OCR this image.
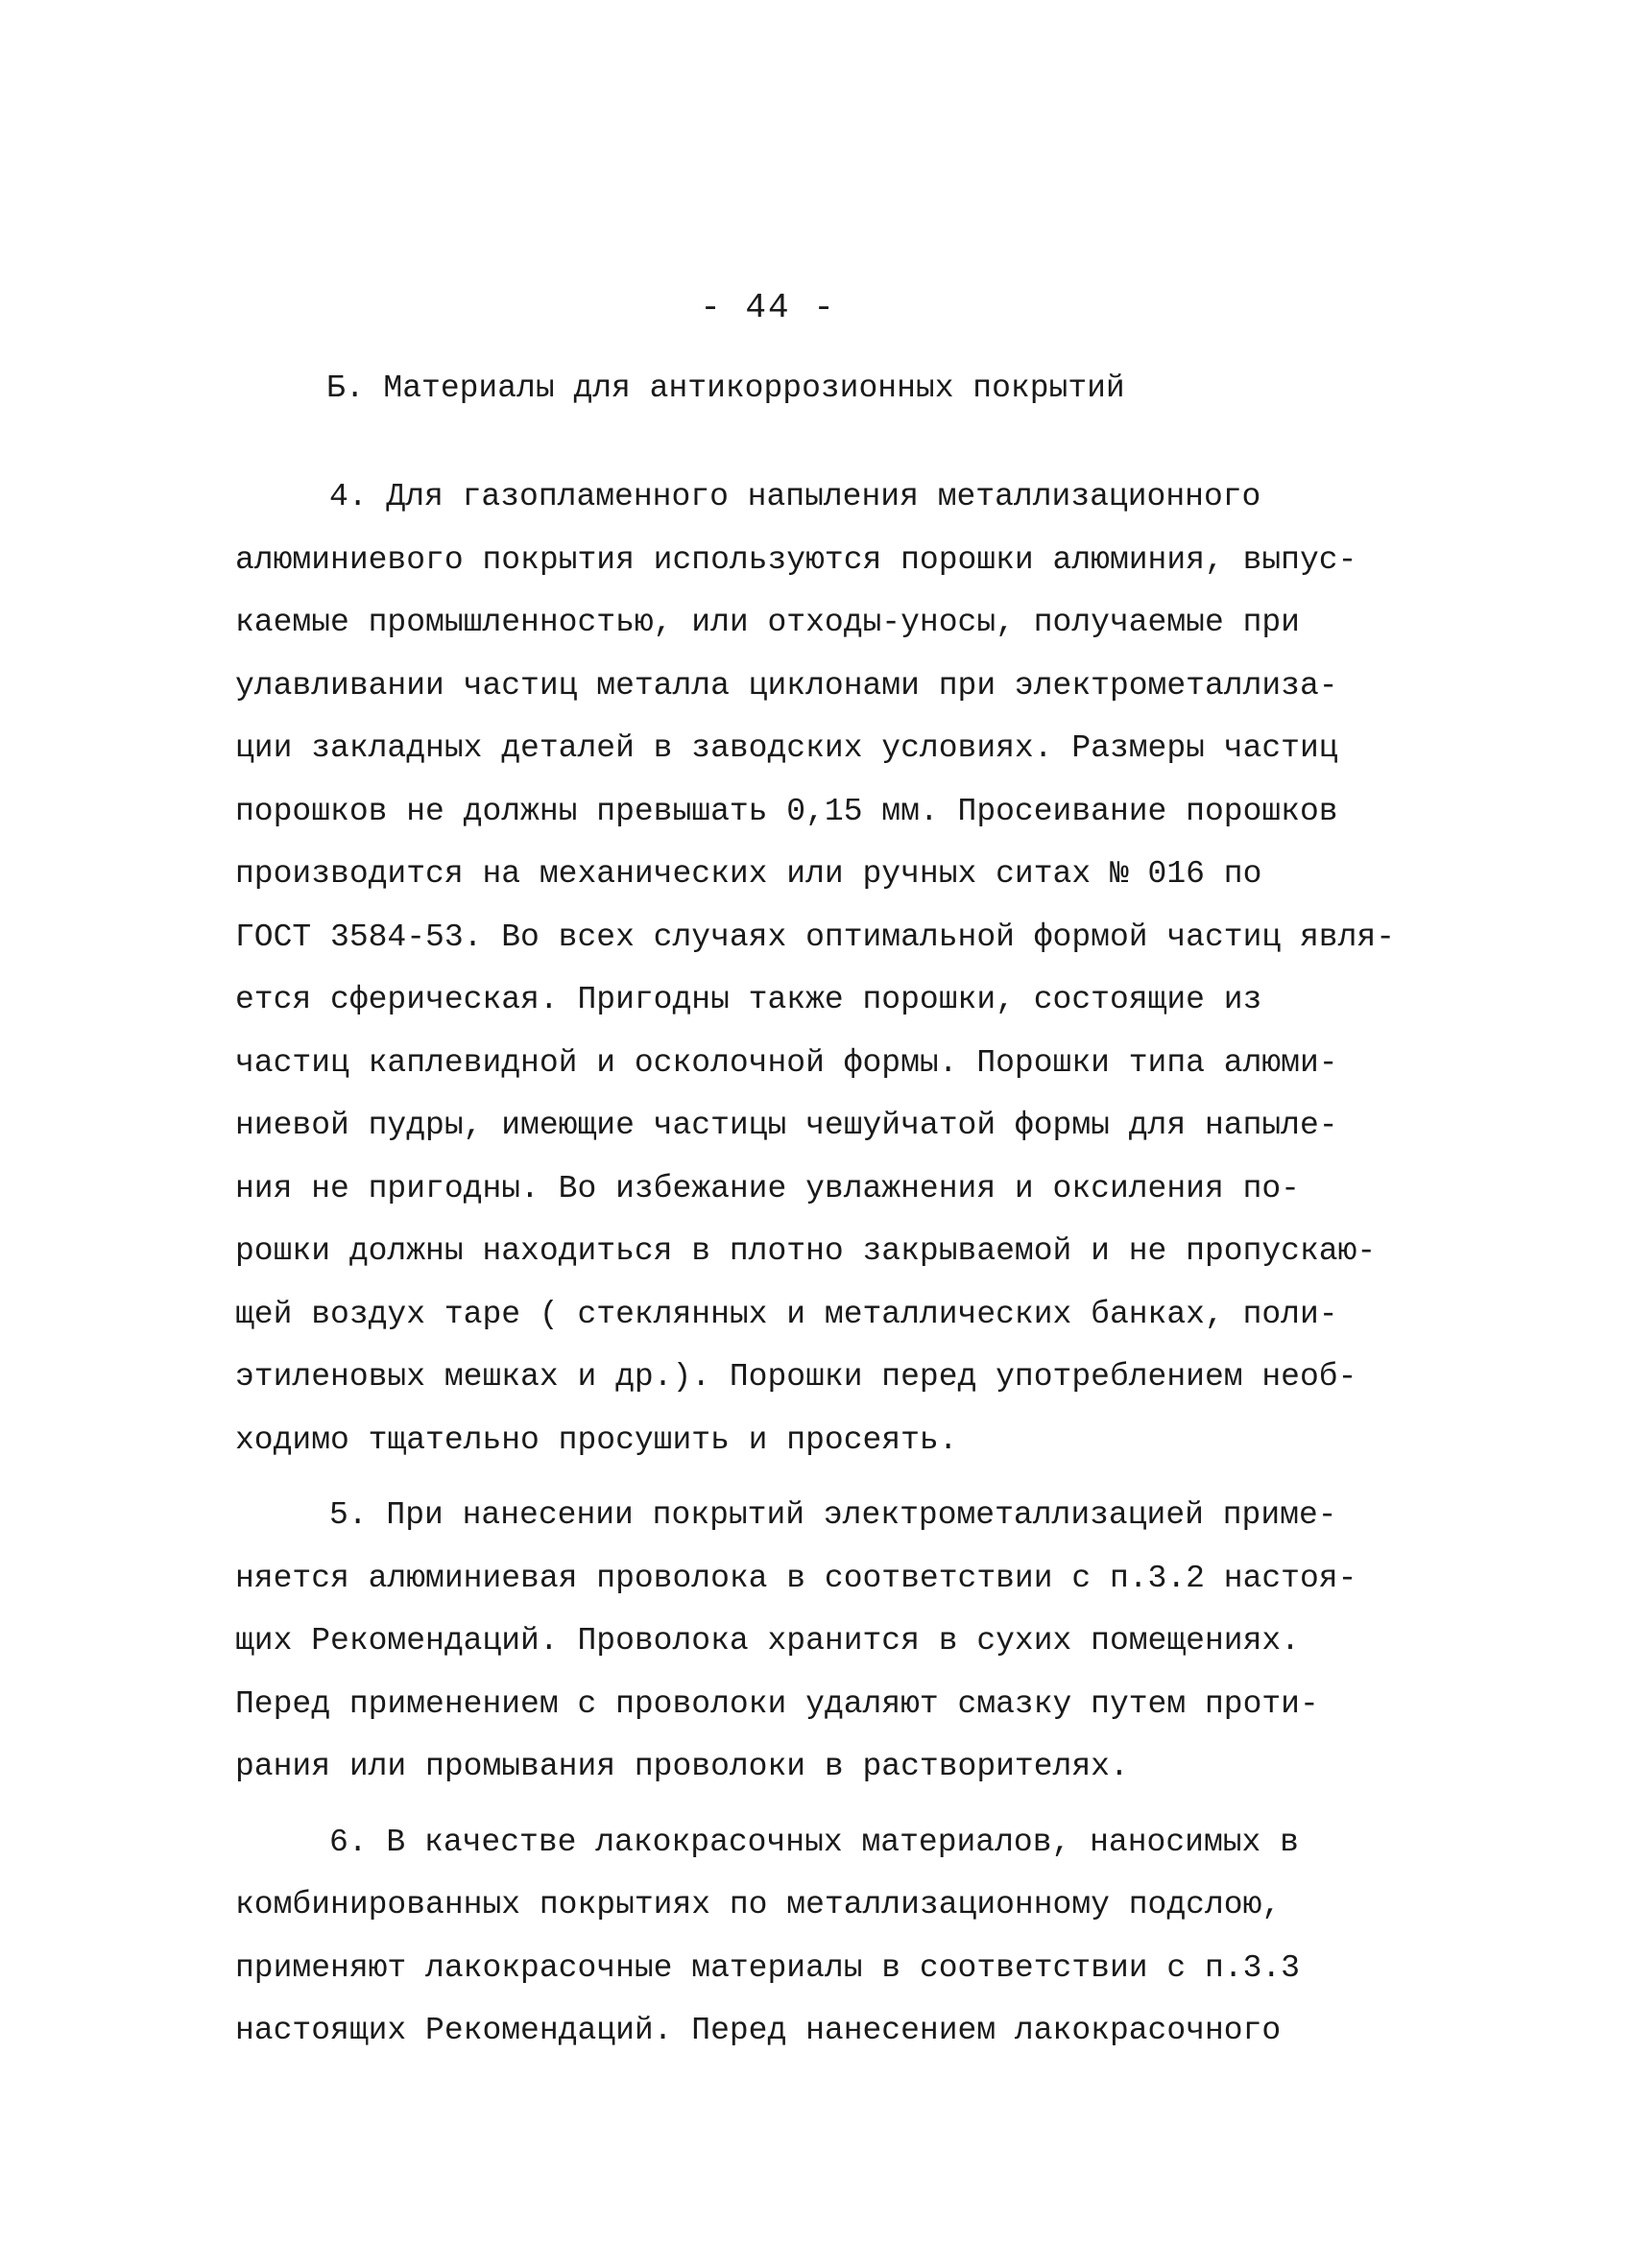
- 44 -
Б. Материалы для антикоррозионных покрытий
4. Для газопламенного напыления металлизационного
алюминиевого покрытия используются порошки алюминия, выпус-
каемые промышленностью, или отходы-уносы, получаемые при
улавливании частиц металла циклонами при электрометаллиза-
ции закладных деталей в заводских условиях. Размеры частиц
порошков не должны превышать 0,15 мм. Просеивание порошков
производится на механических или ручных ситах № 016 по
ГОСТ 3584-53. Во всех случаях оптимальной формой частиц явля-
ется сферическая. Пригодны также порошки, состоящие из
частиц каплевидной и осколочной формы. Порошки типа алюми-
ниевой пудры, имеющие частицы чешуйчатой формы для напыле-
ния не пригодны. Во избежание увлажнения и оксиления по-
рошки должны находиться в плотно закрываемой и не пропускаю-
щей воздух таре ( стеклянных и металлических банках, поли-
этиленовых мешках и др.). Порошки перед употреблением необ-
ходимо тщательно просушить и просеять.
5. При нанесении покрытий электрометаллизацией приме-
няется алюминиевая проволока в соответствии с п.3.2 настоя-
щих Рекомендаций. Проволока хранится в сухих помещениях.
Перед применением с проволоки удаляют смазку путем проти-
рания или промывания проволоки в растворителях.
6. В качестве лакокрасочных материалов, наносимых в
комбинированных покрытиях по металлизационному подслою,
применяют лакокрасочные материалы в соответствии с п.3.3
настоящих Рекомендаций. Перед нанесением лакокрасочного
